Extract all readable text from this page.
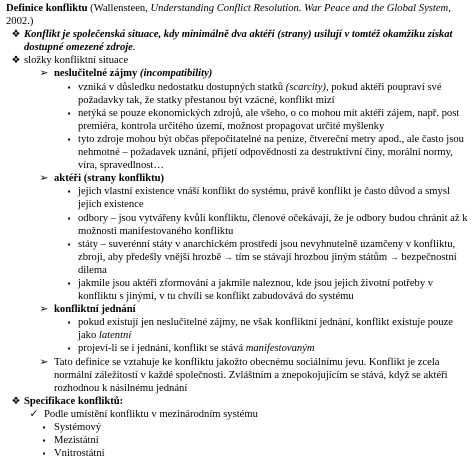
Definice konfliktu (Wallensteen, Understanding Conflict Resolution. War Peace and the Global System, 2002.)
❖ Konflikt je společenská situace, kdy minimálně dva aktéři (strany) usilují v tomtéž okamžiku získat dostupné omezené zdroje.
❖ složky konfliktní situace
➢ neslučitelné zájmy (incompatibility)
▪ vzniká v důsledku nedostatku dostupných statků (scarcity), pokud aktéři poupraví své požadavky tak, že statky přestanou být vzácné, konflikt mizí
▪ netýká se pouze ekonomických zdrojů, ale všeho, o co mohou mít aktéři zájem, např. post premiéra, kontrola určitého území, možnost propagovat určité myšlenky
▪ tyto zdroje mohou být občas přepočitatelné na peníze, čtvereční metry apod., ale často jsou nehmotné – požadavek uznání, přijetí odpovědnosti za destruktivní činy, morální normy, víra, spravedlnost…
➢ aktéři (strany konfliktu)
▪ jejich vlastní existence vnáší konflikt do systému, právě konflikt je často důvod a smysl jejich existence
▪ odbory – jsou vytvářeny kvůli konfliktu, členové očekávají, že je odbory budou chránit až k možnosti manifestovaného konfliktu
▪ státy – suverénní státy v anarchickém prostředí jsou nevyhnutelně uzamčeny v konfliktu, zbroji, aby předešly vnější hrozbě → tím se stávají hrozbou jiným státům → bezpečnostní dilema
▪ jakmile jsou aktéři zformování a jakmile naleznou, kde jsou jejich životní potřeby v konfliktu s jinými, v tu chvíli se konflikt zabudovává do systému
➢ konfliktní jednání
▪ pokud existují jen neslučitelné zájmy, ne však konfliktní jednání, konflikt existuje pouze jako latentní
▪ projeví-li se i jednání, konflikt se stává manifestovaným
➢ Tato definice se vztahuje ke konfliktu jakožto obecnému sociálnímu jevu. Konflikt je zcela normální záležitostí v každé společnosti. Zvláštním a znepokojujícím se stává, když se aktéři rozhodnou k násilnému jednání
❖ Specifikace konfliktů:
✓ Podle umístění konfliktu v mezinárodním systému
▪ Systémový
▪ Mezistátní
▪ Vnitrostátní
